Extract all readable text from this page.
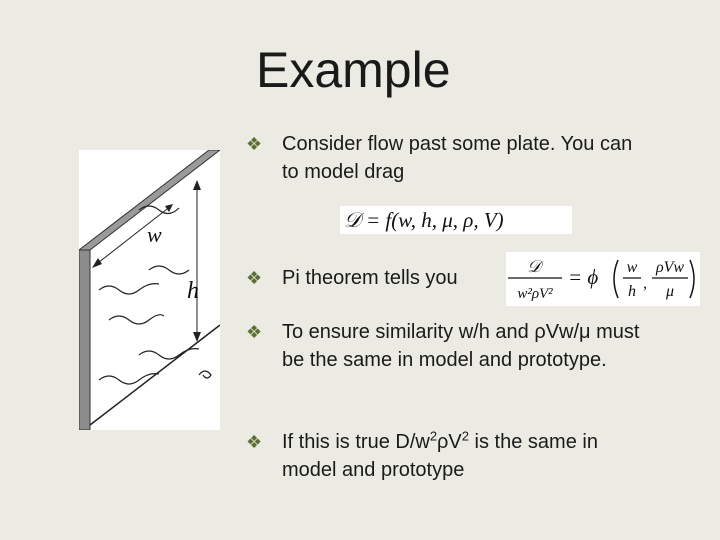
Example
w
h
❖ Consider flow past some plate. You can to model drag
𝒟 = f(w, h, μ, ρ, V)
❖ Pi theorem tells you
𝒟
w²ρV²
= ϕ w
h ,
ρVw
μ
❖ To ensure similarity w/h and ρVw/μ must be the same in model and prototype.
❖ If this is true $D/w^2\rho V^2$ is the same in model and prototype
